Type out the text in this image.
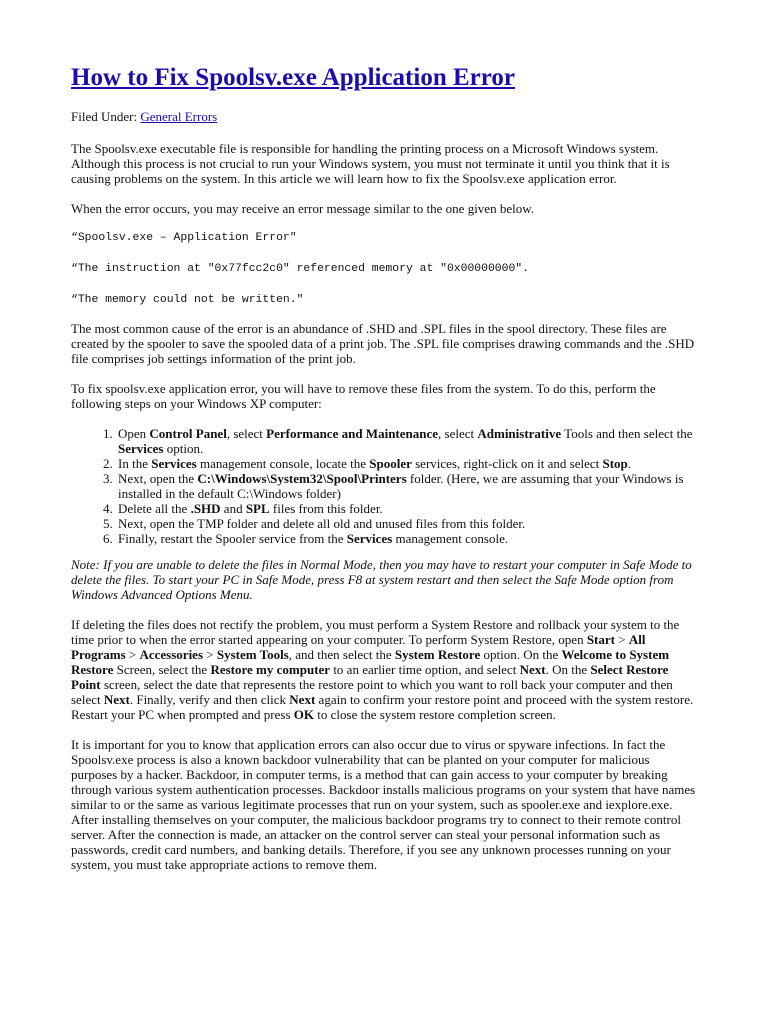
How to Fix Spoolsv.exe Application Error

Filed Under: General Errors

The Spoolsv.exe executable file is responsible for handling the printing process on a Microsoft Windows system. Although this process is not crucial to run your Windows system, you must not terminate it until you think that it is causing problems on the system. In this article we will learn how to fix the Spoolsv.exe application error.

When the error occurs, you may receive an error message similar to the one given below.

“Spoolsv.exe – Application Error"

“The instruction at "0x77fcc2c0" referenced memory at "0x00000000".

“The memory could not be written."

The most common cause of the error is an abundance of .SHD and .SPL files in the spool directory. These files are created by the spooler to save the spooled data of a print job. The .SPL file comprises drawing commands and the .SHD file comprises job settings information of the print job.

To fix spoolsv.exe application error, you will have to remove these files from the system. To do this, perform the following steps on your Windows XP computer:

1. Open Control Panel, select Performance and Maintenance, select Administrative Tools and then select the Services option.
2. In the Services management console, locate the Spooler services, right-click on it and select Stop.
3. Next, open the C:\Windows\System32\Spool\Printers folder. (Here, we are assuming that your Windows is installed in the default C:\Windows folder)
4. Delete all the .SHD and SPL files from this folder.
5. Next, open the TMP folder and delete all old and unused files from this folder.
6. Finally, restart the Spooler service from the Services management console.

Note: If you are unable to delete the files in Normal Mode, then you may have to restart your computer in Safe Mode to delete the files. To start your PC in Safe Mode, press F8 at system restart and then select the Safe Mode option from Windows Advanced Options Menu.

If deleting the files does not rectify the problem, you must perform a System Restore and rollback your system to the time prior to when the error started appearing on your computer. To perform System Restore, open Start > All Programs > Accessories > System Tools, and then select the System Restore option. On the Welcome to System Restore Screen, select the Restore my computer to an earlier time option, and select Next. On the Select Restore Point screen, select the date that represents the restore point to which you want to roll back your computer and then select Next. Finally, verify and then click Next again to confirm your restore point and proceed with the system restore. Restart your PC when prompted and press OK to close the system restore completion screen.

It is important for you to know that application errors can also occur due to virus or spyware infections. In fact the Spoolsv.exe process is also a known backdoor vulnerability that can be planted on your computer for malicious purposes by a hacker. Backdoor, in computer terms, is a method that can gain access to your computer by breaking through various system authentication processes. Backdoor installs malicious programs on your system that have names similar to or the same as various legitimate processes that run on your system, such as spooler.exe and iexplore.exe. After installing themselves on your computer, the malicious backdoor programs try to connect to their remote control server. After the connection is made, an attacker on the control server can steal your personal information such as passwords, credit card numbers, and banking details. Therefore, if you see any unknown processes running on your system, you must take appropriate actions to remove them.
